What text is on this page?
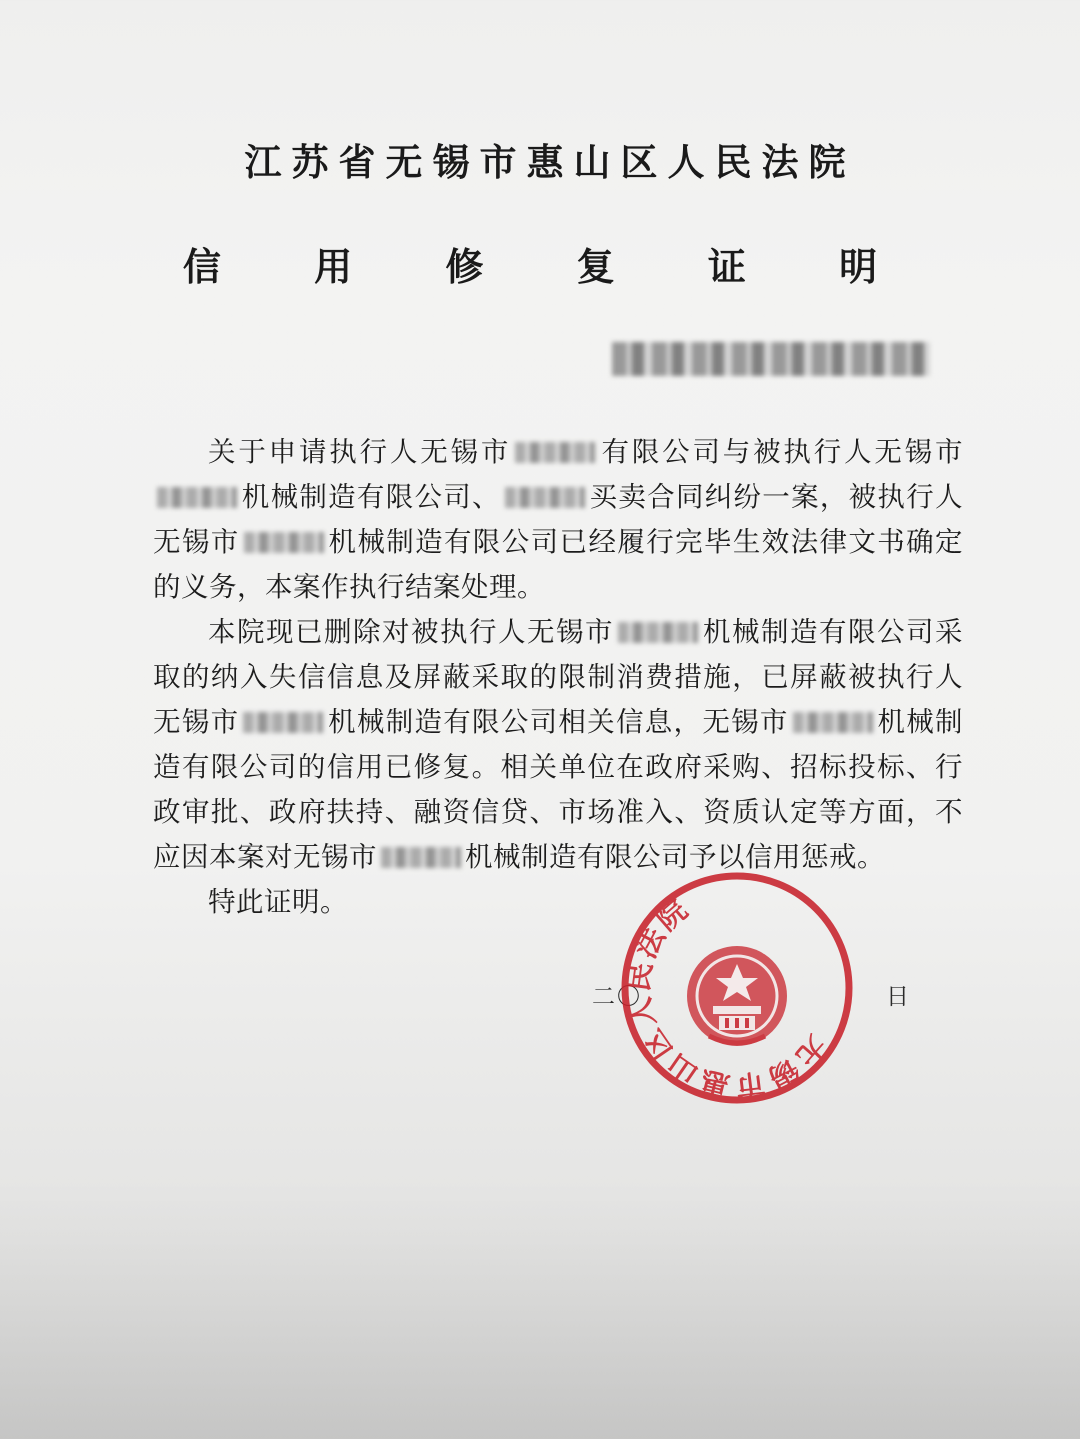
江苏省无锡市惠山区人民法院
信 用 修 复 证 明

关于申请执行人无锡市	有限公司与被执行人无锡市机械制造有限公司、	买卖合同纠纷一案，被执行人无锡市	机械制造有限公司已经履行完毕生效法律文书确定的义务，本案作执行结案处理。

本院现已删除对被执行人无锡市	机械制造有限公司采取的纳入失信信息及屏蔽采取的限制消费措施，已屏蔽被执行人无锡市	机械制造有限公司相关信息，无锡市	机械制造有限公司的信用已修复。相关单位在政府采购、招标投标、行政审批、政府扶持、融资信贷、市场准入、资质认定等方面，不应因本案对无锡市	机械制造有限公司予以信用惩戒。

特此证明。

二〇	日
无锡市惠山区人民法院
